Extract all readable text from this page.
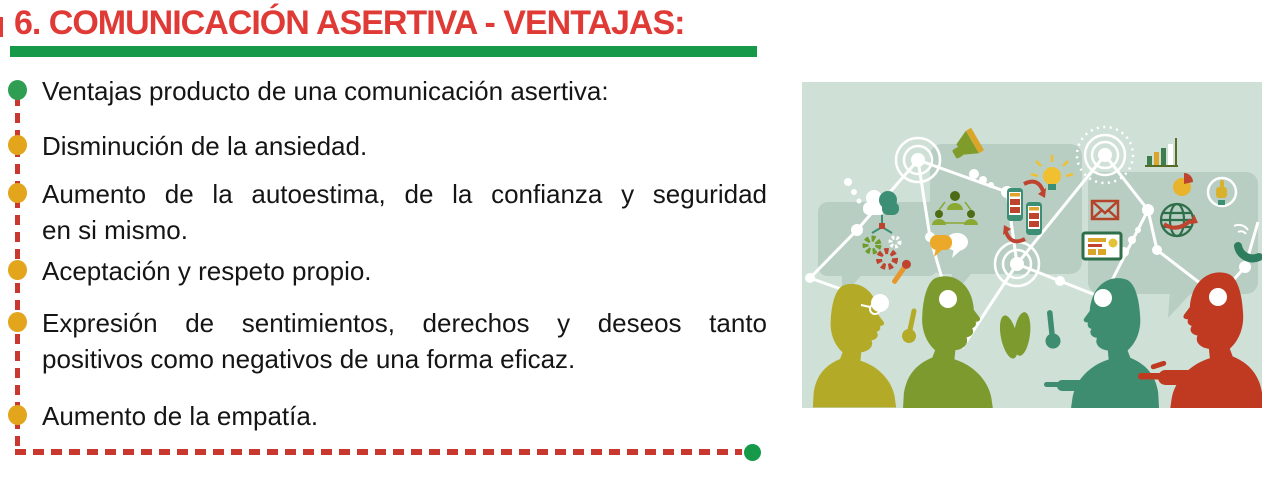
6. COMUNICACIÓN ASERTIVA - VENTAJAS:
Ventajas producto de una comunicación asertiva:
Disminución de la ansiedad.
Aumento de la autoestima, de la confianza y seguridad
en si mismo.
Aceptación y respeto propio.
Expresión de sentimientos, derechos y deseos tanto
positivos como negativos de una forma eficaz.
Aumento de la empatía.
